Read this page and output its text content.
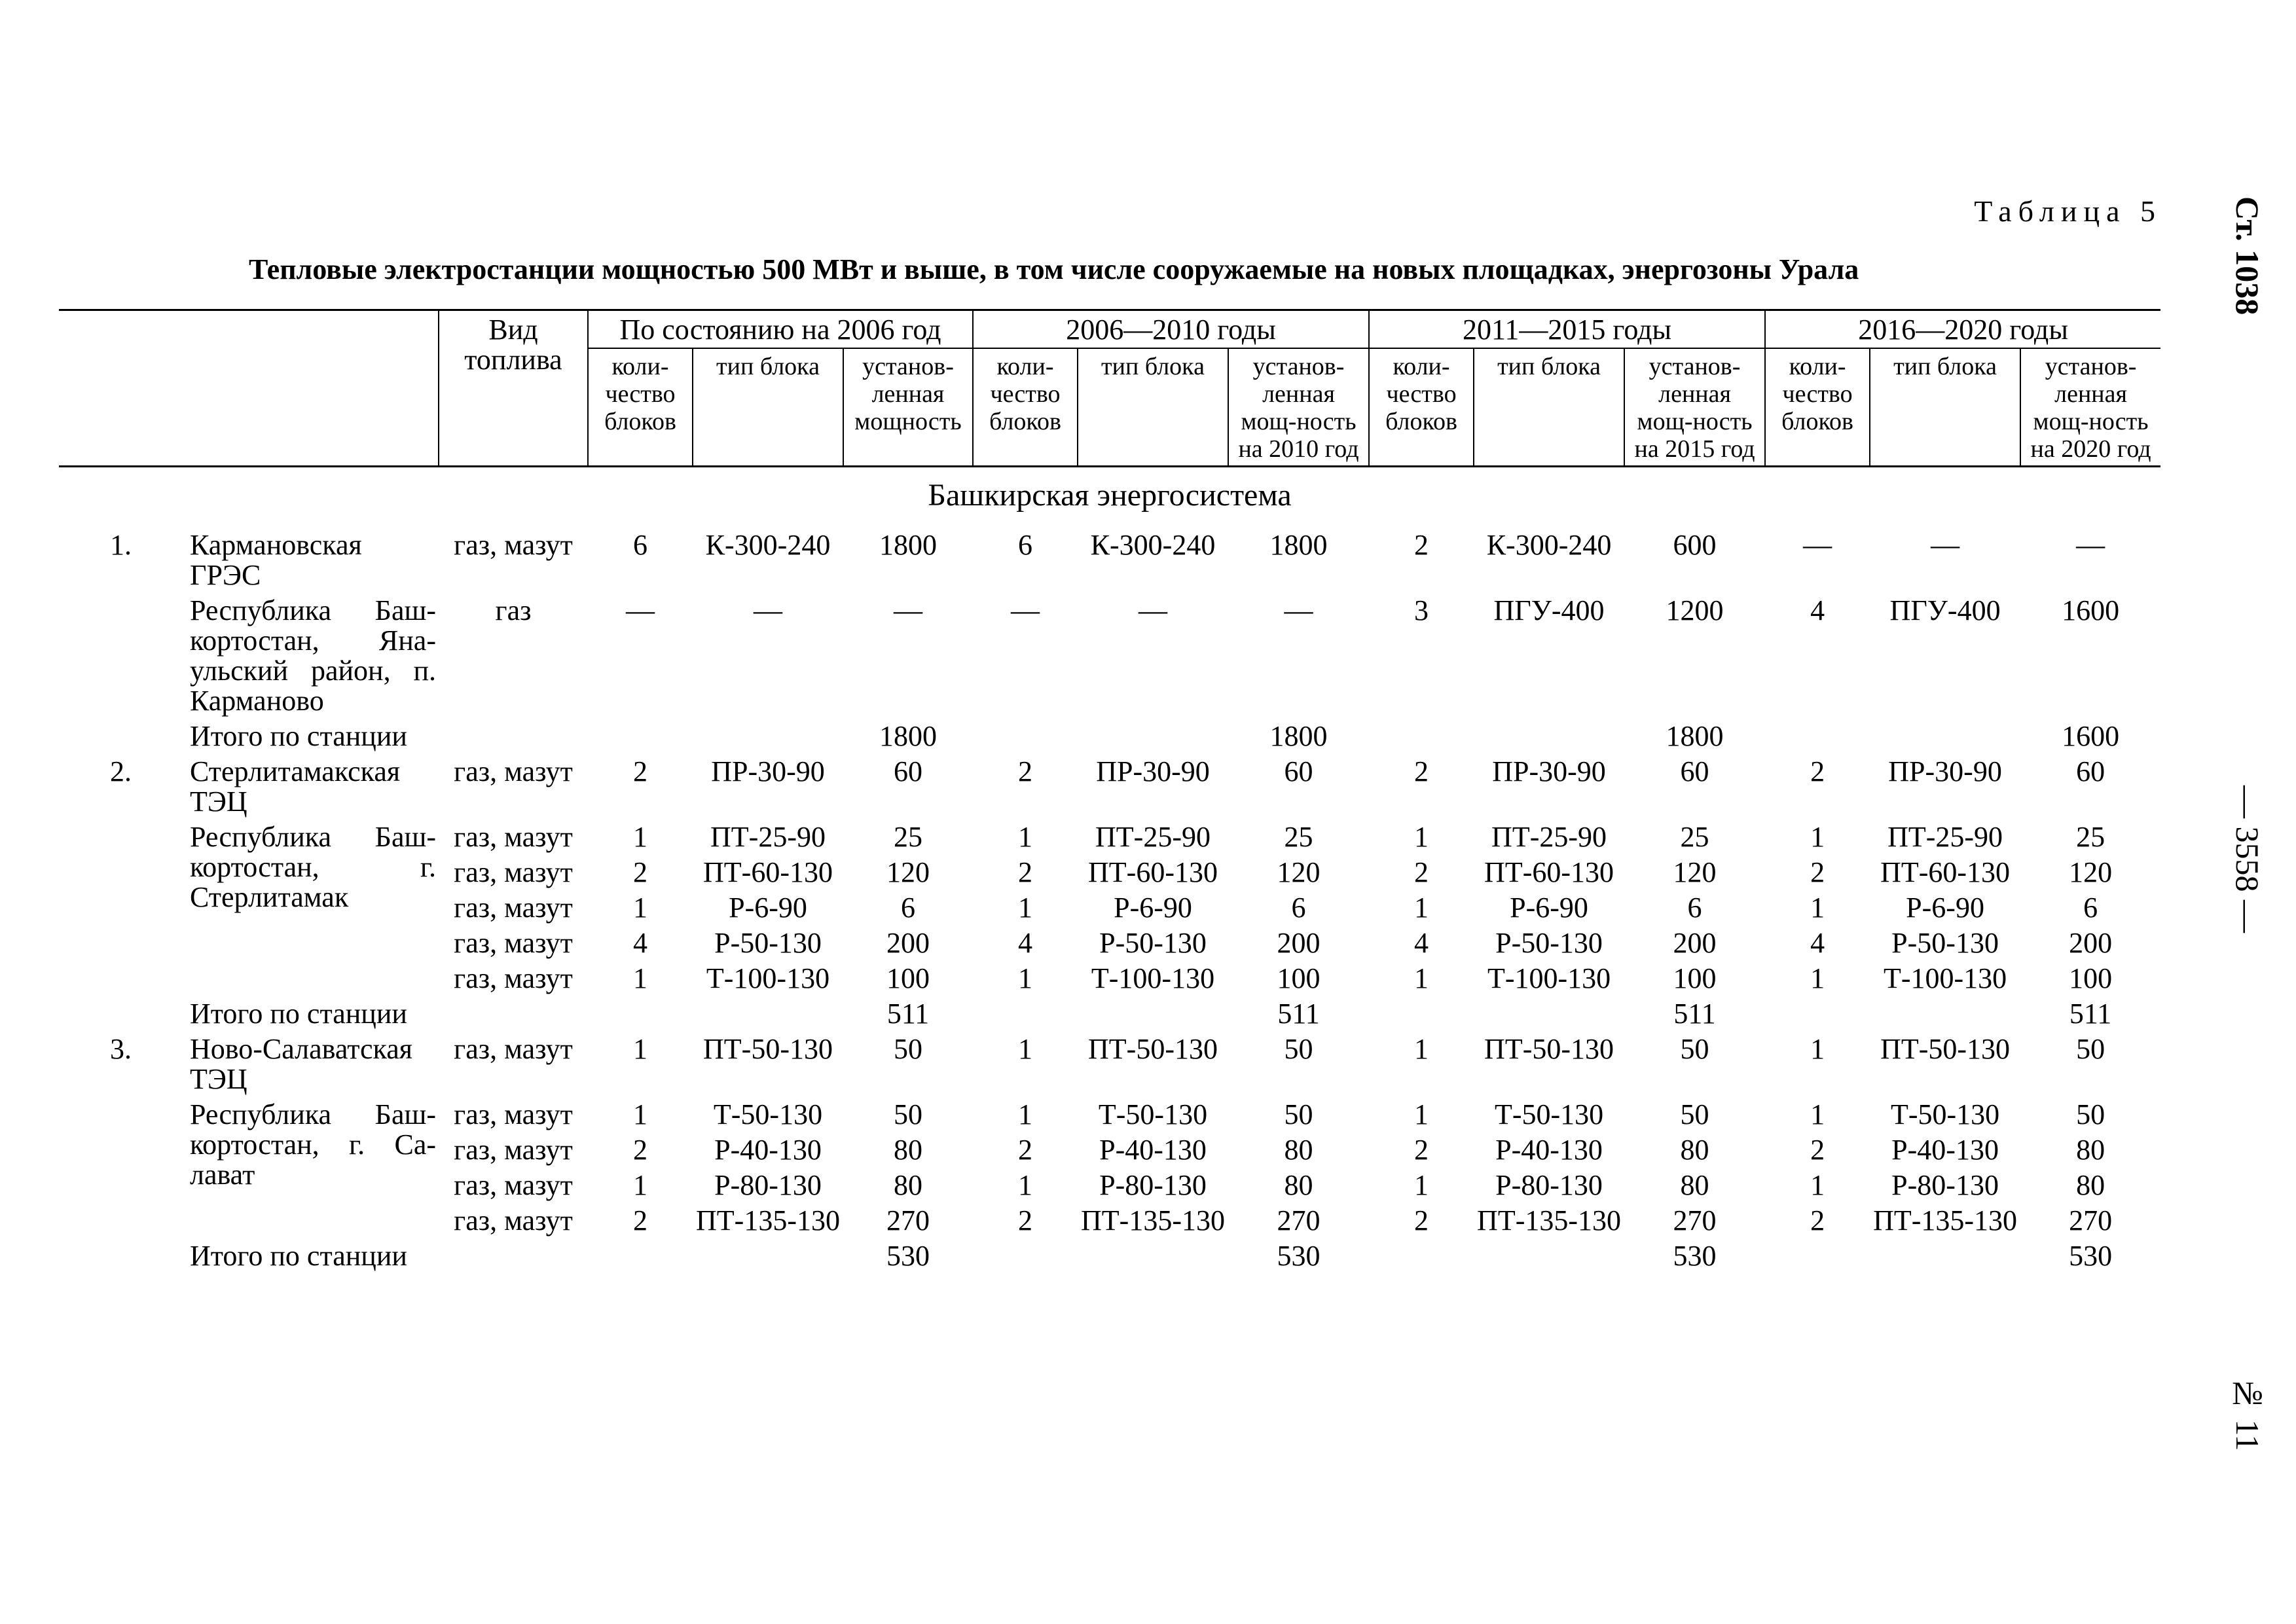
Таблица 5
Тепловые электростанции мощностью 500 МВт и выше, в том числе сооружаемые на новых площадках, энергозоны Урала	Ст. 1038
— 3558 —
№ 11
		Вид топлива	По состоянию на 2006 год			2006—2010 годы			2011—2015 годы			2016—2020 годы		
			коли-чество блоков	тип блока	установ-ленная мощность	коли-чество блоков	тип блока	установ-ленная мощ-ность на 2010 год	коли-чество блоков	тип блока	установ-ленная мощ-ность на 2015 год	коли-чество блоков	тип блока	установ-ленная мощ-ность на 2020 год
Башкирская энергосистема														
1.	Кармановская ГРЭС	газ, мазут	6	К-300-240	1800	6	К-300-240	1800	2	К-300-240	600	—	—	—
	Республика Баш-кортостан, Яна-ульский район, п. Карманово	газ	—	—	—	—	—	—	3	ПГУ-400	1200	4	ПГУ-400	1600
	Итого по станции				1800			1800			1800			1600
2.	Стерлитамакская ТЭЦ	газ, мазут	2	ПР-30-90	60	2	ПР-30-90	60	2	ПР-30-90	60	2	ПР-30-90	60
	Республика Баш-кортостан, г. Стерлитамак	газ, мазут	1	ПТ-25-90	25	1	ПТ-25-90	25	1	ПТ-25-90	25	1	ПТ-25-90	25
		газ, мазут	2	ПТ-60-130	120	2	ПТ-60-130	120	2	ПТ-60-130	120	2	ПТ-60-130	120
		газ, мазут	1	Р-6-90	6	1	Р-6-90	6	1	Р-6-90	6	1	Р-6-90	6
		газ, мазут	4	Р-50-130	200	4	Р-50-130	200	4	Р-50-130	200	4	Р-50-130	200
		газ, мазут	1	Т-100-130	100	1	Т-100-130	100	1	Т-100-130	100	1	Т-100-130	100
	Итого по станции				511			511			511			511
3.	Ново-Салаватская ТЭЦ	газ, мазут	1	ПТ-50-130	50	1	ПТ-50-130	50	1	ПТ-50-130	50	1	ПТ-50-130	50
	Республика Баш-кортостан, г. Са-лават	газ, мазут	1	Т-50-130	50	1	Т-50-130	50	1	Т-50-130	50	1	Т-50-130	50
		газ, мазут	2	Р-40-130	80	2	Р-40-130	80	2	Р-40-130	80	2	Р-40-130	80
		газ, мазут	1	Р-80-130	80	1	Р-80-130	80	1	Р-80-130	80	1	Р-80-130	80
		газ, мазут	2	ПТ-135-130	270	2	ПТ-135-130	270	2	ПТ-135-130	270	2	ПТ-135-130	270
	Итого по станции				530			530			530			530
